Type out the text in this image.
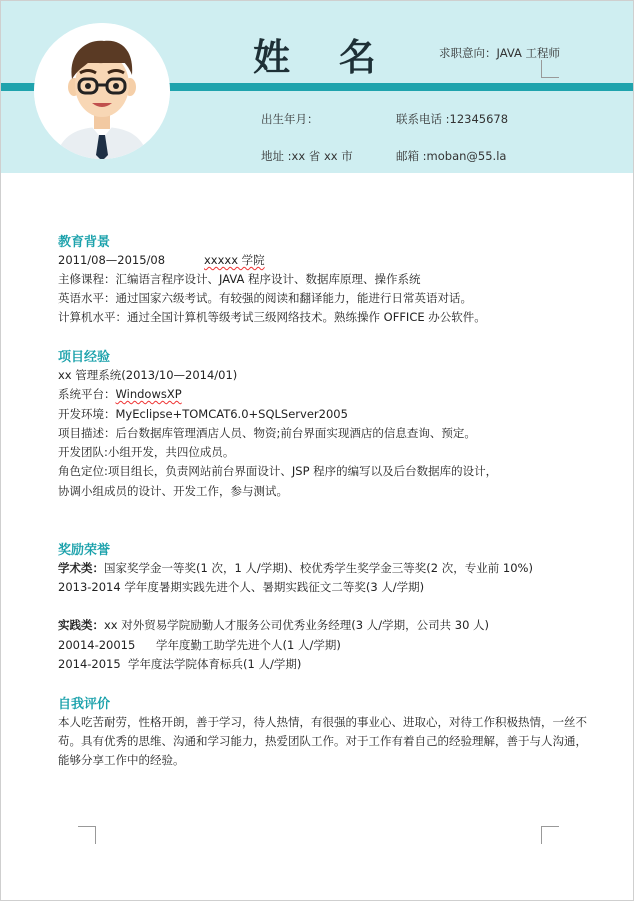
姓 名	求职意向：JAVA 工程师
出生年月：	联系电话 :12345678
地址 :xx 省 xx 市	邮箱 :moban@55.la
教育背景
2011/08—2015/08	xxxxx 学院
主修课程：汇编语言程序设计、JAVA 程序设计、数据库原理、操作系统
英语水平：通过国家六级考试。有较强的阅读和翻译能力，能进行日常英语对话。
计算机水平：通过全国计算机等级考试三级网络技术。熟练操作 OFFICE 办公软件。
项目经验
xx 管理系统(2013/10—2014/01)
系统平台：WindowsXP
开发环境：MyEclipse+TOMCAT6.0+SQLServer2005
项目描述：后台数据库管理酒店人员、物资;前台界面实现酒店的信息查询、预定。
开发团队:小组开发，共四位成员。
角色定位:项目组长，负责网站前台界面设计、JSP 程序的编写以及后台数据库的设计，
协调小组成员的设计、开发工作，参与测试。
奖励荣誉
学术类：国家奖学金一等奖(1 次，1 人/学期)、校优秀学生奖学金三等奖(2 次，专业前 10%)
2013-2014 学年度暑期实践先进个人、暑期实践征文二等奖(3 人/学期)
实践类：xx 对外贸易学院励勤人才服务公司优秀业务经理(3 人/学期，公司共 30 人)
20014-20015 学年度勤工助学先进个人(1 人/学期)
2014-2015 学年度法学院体育标兵(1 人/学期)
自我评价
本人吃苦耐劳，性格开朗，善于学习，待人热情，有很强的事业心、进取心，对待工作积极热情，一丝不
苟。具有优秀的思维、沟通和学习能力，热爱团队工作。对于工作有着自己的经验理解，善于与人沟通，
能够分享工作中的经验。
